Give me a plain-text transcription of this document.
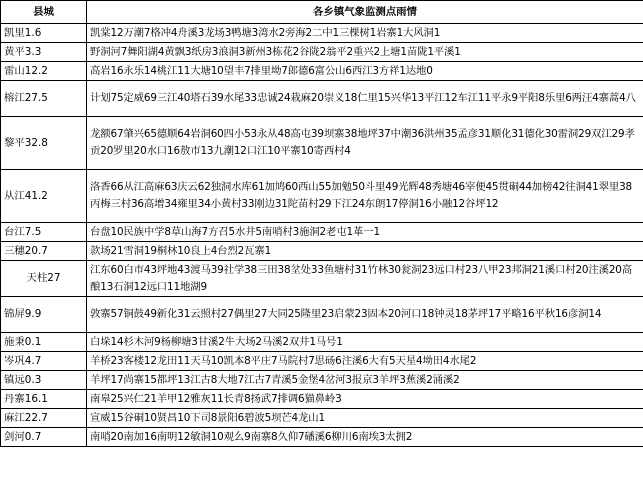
县城	各乡镇气象监测点雨情
凯里1.6	凯棠12万潮7格冲4舟溪3龙场3鸭塘3湾水2旁海2二中1三棵树1岩寨1大风洞1
黄平3.3	野洞河7舞阳湖4黄飘3纸房3浪洞3新州3栋花2谷陇2翁平2重兴2上塘1苗陇1平溪1
雷山12.2	高岩16永乐14桃江11大塘10望丰7排里坳7郎德6富公山6西江3方祥1达地0
榕江27.5	计划75定威69三江40塔石39水尾33忠诚24栽麻20崇义18仁里15兴华13平江12车江11平永9平阳8乐里6两汪4寨蒿4八
黎平32.8	龙额67肇兴65德顺64岩洞60四小53永从48高屯39坝寨38地坪37中潮36洪州35孟彦31顺化31德化30雷洞29双江29孝贡20罗里20水口16敖市13九潮12口江10平寨10寄西村4
从江41.2	洛香66从江高麻63庆云62独洞水库61加鸠60西山55加勉50斗里49光辉48秀塘46宰便45贯硐44加榜42往洞41翠里38丙梅三村36高增34雍里34小黄村33刚边31陀苗村29下江24东朗17停洞16小融12谷坪12
台江7.5	台盘10民族中学8草山海7方召5水井5南哨村3施洞2老屯1革一1
三穗20.7	款场21雪洞19桐林10良上4台烈2瓦寨1
天柱27	江东60白市43坪地43渡马39社学38三田38坌处33鱼塘村31竹林30瓮洞23远口村23八甲23邦洞21溪口村20注溪20高酿13石洞12远口11地湖9
锦屏9.9	敦寨57铜鼓49新化31云照村27偶里27大同25隆里23启蒙23固本20河口18钟灵18茅坪17平略16平秋16彦洞14
施秉0.1	白垛14杉木河9杨柳塘3甘溪2牛大场2马溪2双井1马号1
岑巩4.7	羊桥23客楼12龙田11天马10凯本8平庄7马院村7思砀6注溪6大有5天星4坳田4水尾2
镇远0.3	羊坪17尚寨15都坪13江古8大地7江古7青溪5金堡4岔河3报京3羊坪3蕉溪2涌溪2
丹寨16.1	南皋25兴仁21羊甲12雅灰11长青8扬武7排调6猫鼻岭3
麻江22.7	宣威15谷硐10贤昌10下司8景阳6碧波5坝芒4龙山1
剑河0.7	南哨20南加16南明12敏洞10观么9南寨8久仰7磻溪6柳川6南埃3太拥2
